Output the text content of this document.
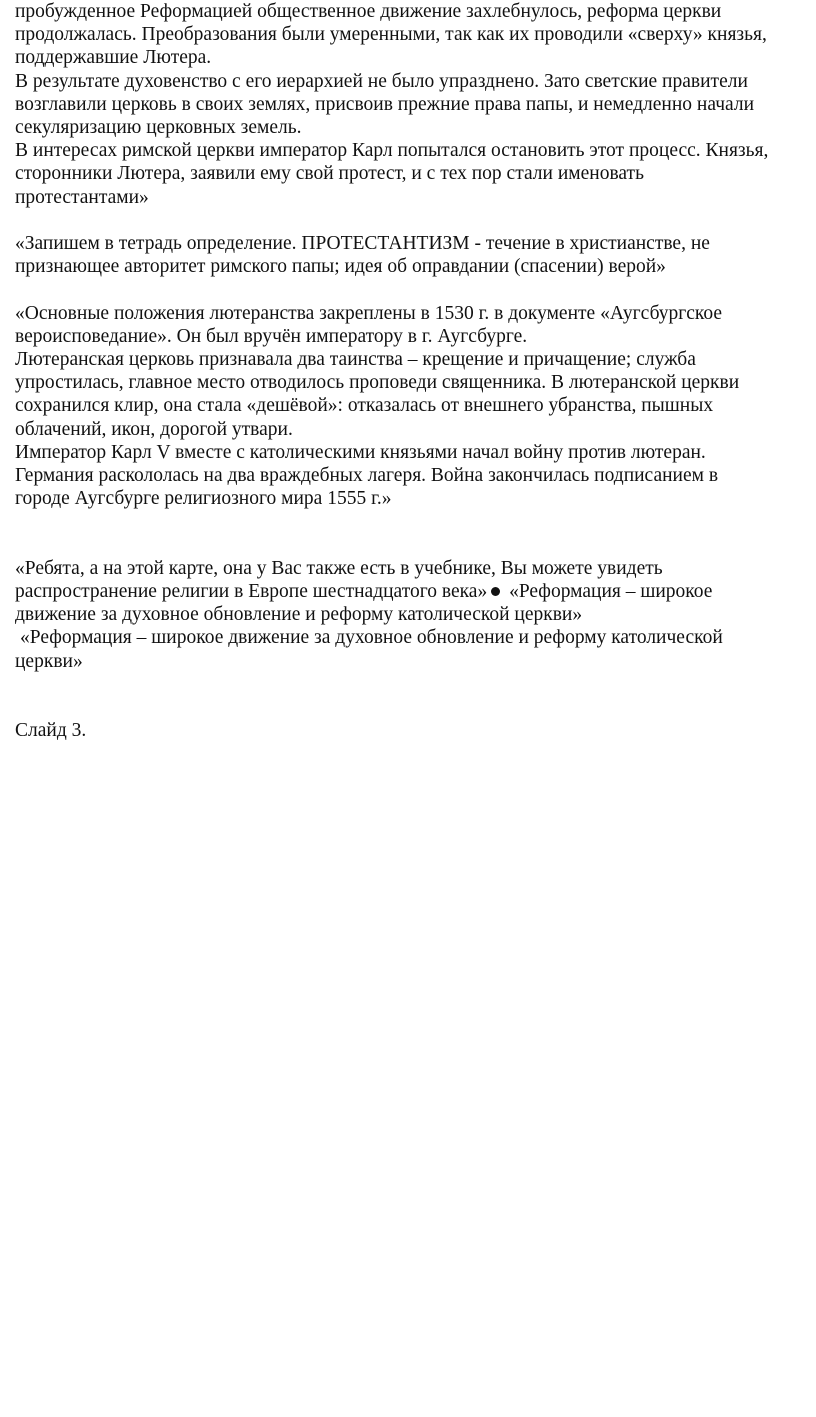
пробужденное Реформацией общественное движение захлебнулось, реформа церкви
продолжалась. Преобразования были умеренными, так как их проводили «сверху» князья,
поддержавшие Лютера.
В результате духовенство с его иерархией не было упразднено. Зато светские правители
возглавили церковь в своих землях, присвоив прежние права папы, и немедленно начали
секуляризацию церковных земель.
В интересах римской церкви император Карл попытался остановить этот процесс. Князья,
сторонники Лютера, заявили ему свой протест, и с тех пор стали именовать
протестантами»
«Запишем в тетрадь определение. ПРОТЕСТАНТИЗМ - течение в христианстве, не
признающее авторитет римского папы; идея об оправдании (спасении) верой»
«Основные положения лютеранства закреплены в 1530 г. в документе «Аугсбургское
вероисповедание». Он был вручён императору в г. Аугсбурге.
Лютеранская церковь признавала два таинства – крещение и причащение; служба
упростилась, главное место отводилось проповеди священника. В лютеранской церкви
сохранился клир, она стала «дешёвой»: отказалась от внешнего убранства, пышных
облачений, икон, дорогой утвари.
Император Карл V вместе с католическими князьями начал войну против лютеран.
Германия раскололась на два враждебных лагеря. Война закончилась подписанием в
городе Аугсбурге религиозного мира 1555 г.»
«Ребята, а на этой карте, она у Вас также есть в учебнике, Вы можете увидеть
распространение религии в Европе шестнадцатого века» «Реформация – широкое
движение за духовное обновление и реформу католической церкви»
«Реформация – широкое движение за духовное обновление и реформу католической
церкви»
Слайд 3.
